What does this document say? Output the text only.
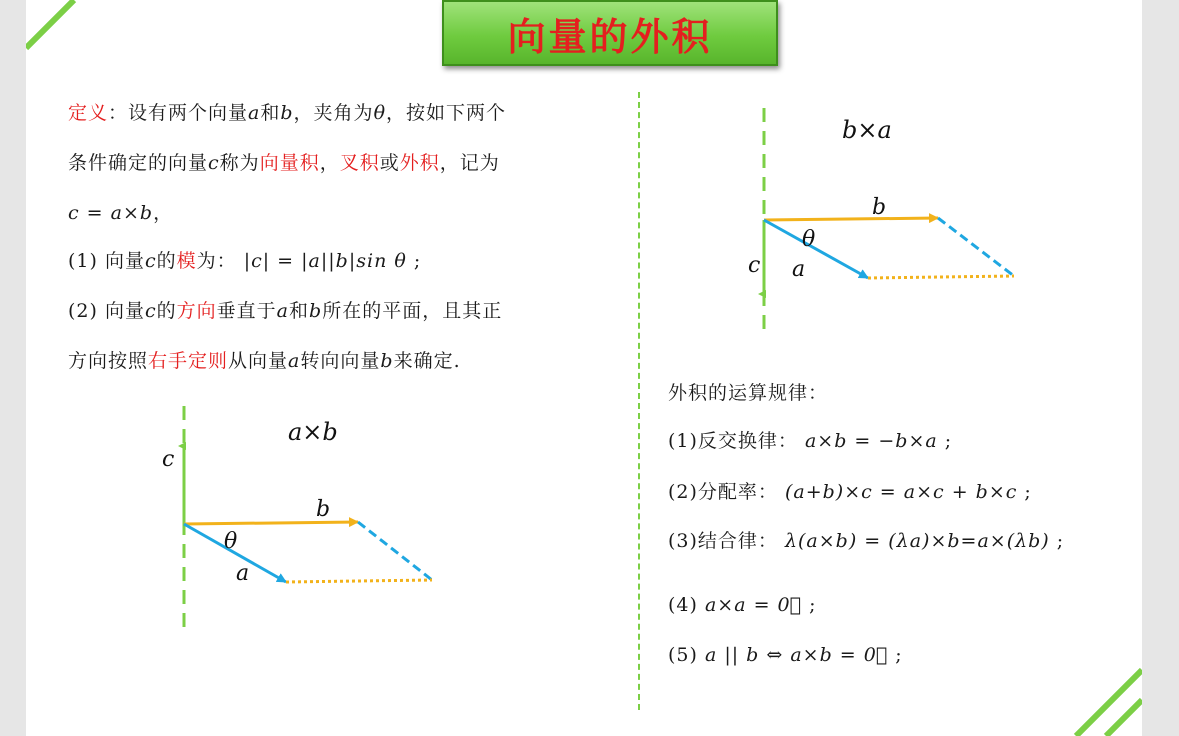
向量的外积
定义：设有两个向量a和b，夹角为θ，按如下两个
条件确定的向量c称为向量积，叉积或外积，记为
c = a×b，
(1) 向量c的模为： |c| = |a||b|sin θ ;
(2) 向量c的方向垂直于a和b所在的平面，且其正
方向按照右手定则从向量a转向向量b来确定.
a×b
c
b
θ
a
b×a
b
θ
c a
外积的运算规律：
(1)反交换律： a×b = −b×a ;
(2)分配率： (a+b)×c = a×c + b×c ;
(3)结合律： λ(a×b) = (λa)×b=a×(λb) ;
(4) a×a = 0⃗ ;
(5) a || b ⇔ a×b = 0⃗ ;
